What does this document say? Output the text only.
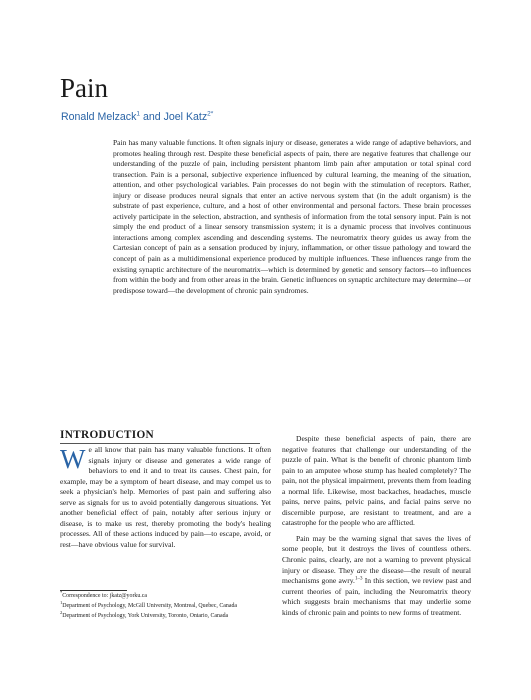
Pain
Ronald Melzack$^1$ and Joel Katz$^{2*}$

Pain has many valuable functions. It often signals injury or disease, generates a wide range of adaptive behaviors, and promotes healing through rest. Despite these beneficial aspects of pain, there are negative features that challenge our understanding of the puzzle of pain, including persistent phantom limb pain after amputation or total spinal cord transection. Pain is a personal, subjective experience influenced by cultural learning, the meaning of the situation, attention, and other psychological variables. Pain processes do not begin with the stimulation of receptors. Rather, injury or disease produces neural signals that enter an active nervous system that (in the adult organism) is the substrate of past experience, culture, and a host of other environmental and personal factors. These brain processes actively participate in the selection, abstraction, and synthesis of information from the total sensory input. Pain is not simply the end product of a linear sensory transmission system; it is a dynamic process that involves continuous interactions among complex ascending and descending systems. The neuromatrix theory guides us away from the Cartesian concept of pain as a sensation produced by injury, inflammation, or other tissue pathology and toward the concept of pain as a multidimensional experience produced by multiple influences. These influences range from the existing synaptic architecture of the neuromatrix—which is determined by genetic and sensory factors—to influences from within the body and from other areas in the brain. Genetic influences on synaptic architecture may determine—or predispose toward—the development of chronic pain syndromes.

INTRODUCTION

We all know that pain has many valuable functions. It often signals injury or disease and generates a wide range of behaviors to end it and to treat its causes. Chest pain, for example, may be a symptom of heart disease, and may compel us to seek a physician's help. Memories of past pain and suffering also serve as signals for us to avoid potentially dangerous situations. Yet another beneficial effect of pain, notably after serious injury or disease, is to make us rest, thereby promoting the body's healing processes. All of these actions induced by pain—to escape, avoid, or rest—have obvious value for survival.

*Correspondence to: jkatz@yorku.ca

$^1$Department of Psychology, McGill University, Montreal, Quebec, Canada

$^2$Department of Psychology, York University, Toronto, Ontario, Canada

Despite these beneficial aspects of pain, there are negative features that challenge our understanding of the puzzle of pain. What is the benefit of chronic phantom limb pain to an amputee whose stump has healed completely? The pain, not the physical impairment, prevents them from leading a normal life. Likewise, most backaches, headaches, muscle pains, nerve pains, pelvic pains, and facial pains serve no discernible purpose, are resistant to treatment, and are a catastrophe for the people who are afflicted.

Pain may be the warning signal that saves the lives of some people, but it destroys the lives of countless others. Chronic pains, clearly, are not a warning to prevent physical injury or disease. They are the disease—the result of neural mechanisms gone awry.$^{1-3}$ In this section, we review past and current theories of pain, including the Neuromatrix theory which suggests brain mechanisms that may underlie some kinds of chronic pain and points to new forms of treatment.
